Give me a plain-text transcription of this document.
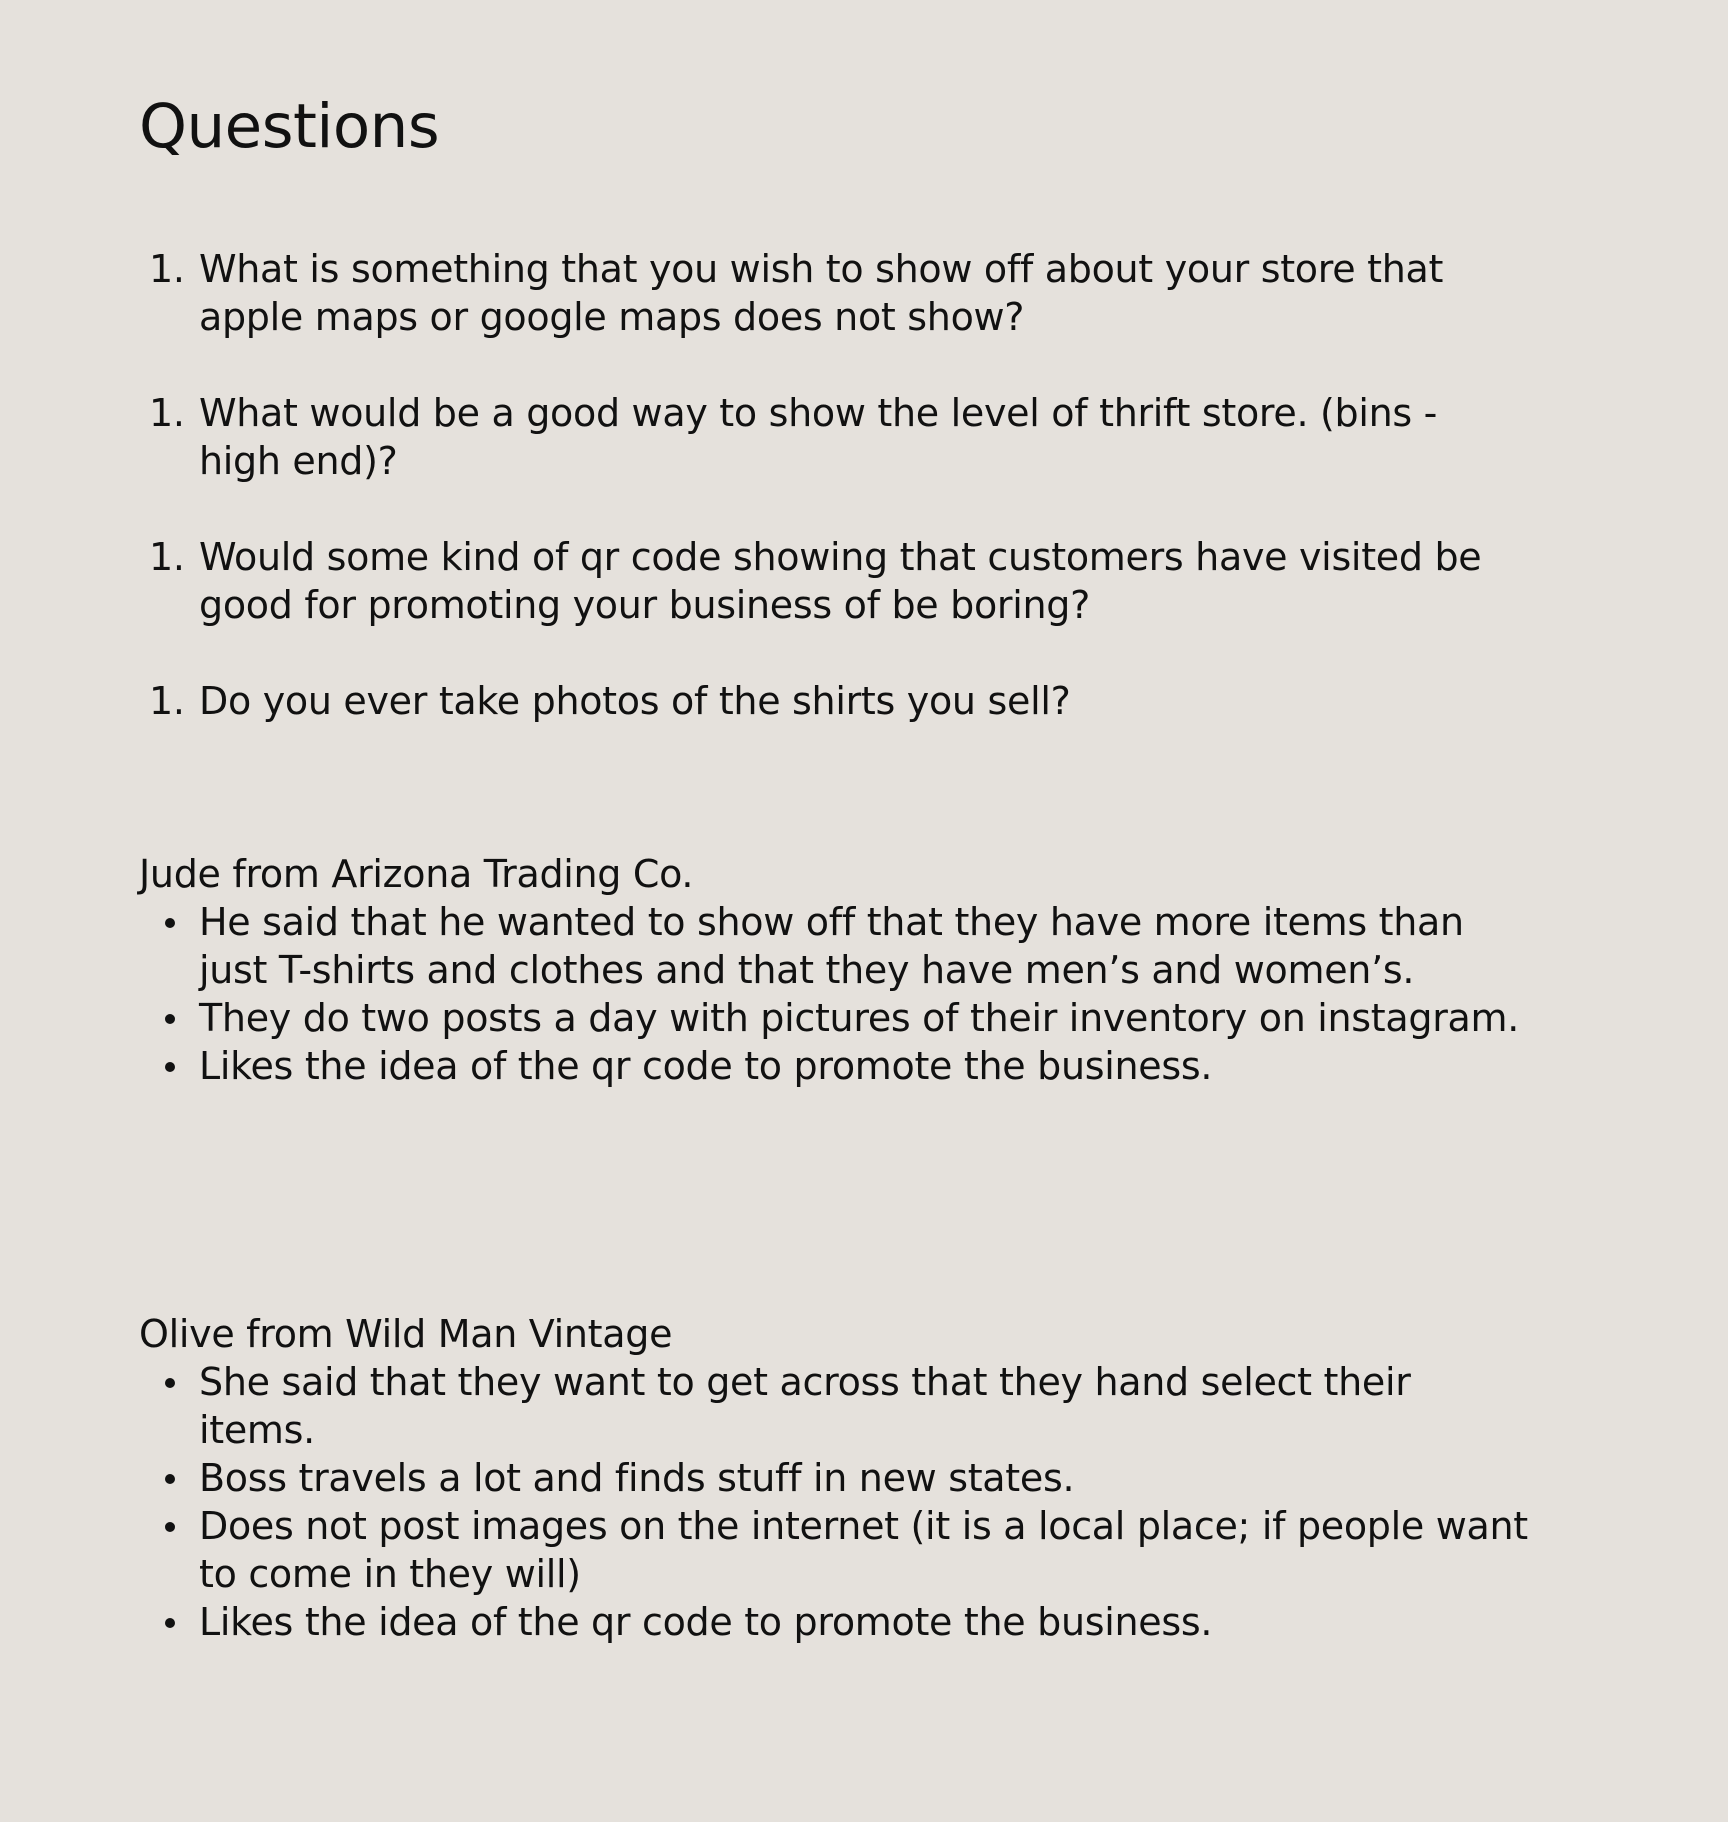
Questions
1. What is something that you wish to show off about your store that apple maps or google maps does not show?
1. What would be a good way to show the level of thrift store. (bins - high end)?
1. Would some kind of qr code showing that customers have visited be good for promoting your business of be boring?
1. Do you ever take photos of the shirts you sell?
Jude from Arizona Trading Co.
He said that he wanted to show off that they have more items than just T-shirts and clothes and that they have men’s and women’s.
They do two posts a day with pictures of their inventory on instagram.
Likes the idea of the qr code to promote the business.
Olive from Wild Man Vintage
She said that they want to get across that they hand select their items.
Boss travels a lot and finds stuff in new states.
Does not post images on the internet (it is a local place; if people want to come in they will)
Likes the idea of the qr code to promote the business.
